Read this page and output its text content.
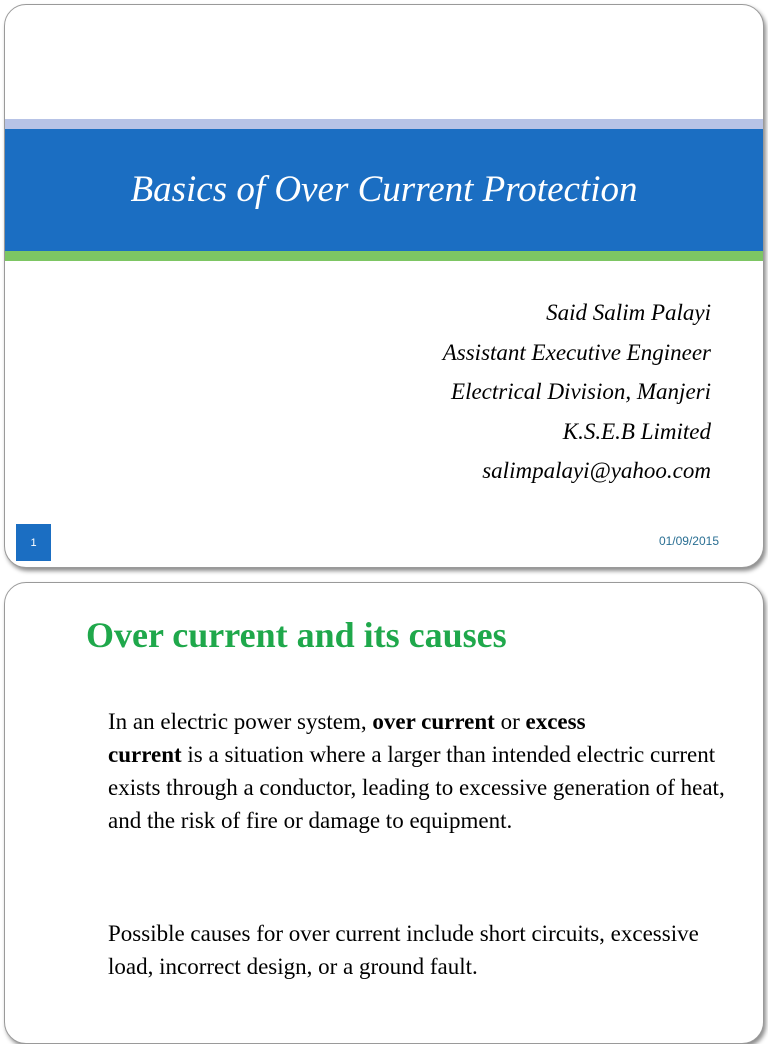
Basics of Over Current Protection
Said Salim Palayi
Assistant Executive Engineer
Electrical Division, Manjeri
K.S.E.B Limited
salimpalayi@yahoo.com
1	01/09/2015
Over current and its causes
In an electric power system, over current or excess
current is a situation where a larger than intended electric current exists through a conductor, leading to excessive generation of heat, and the risk of fire or damage to equipment.
Possible causes for over current include short circuits, excessive load, incorrect design, or a ground fault.
